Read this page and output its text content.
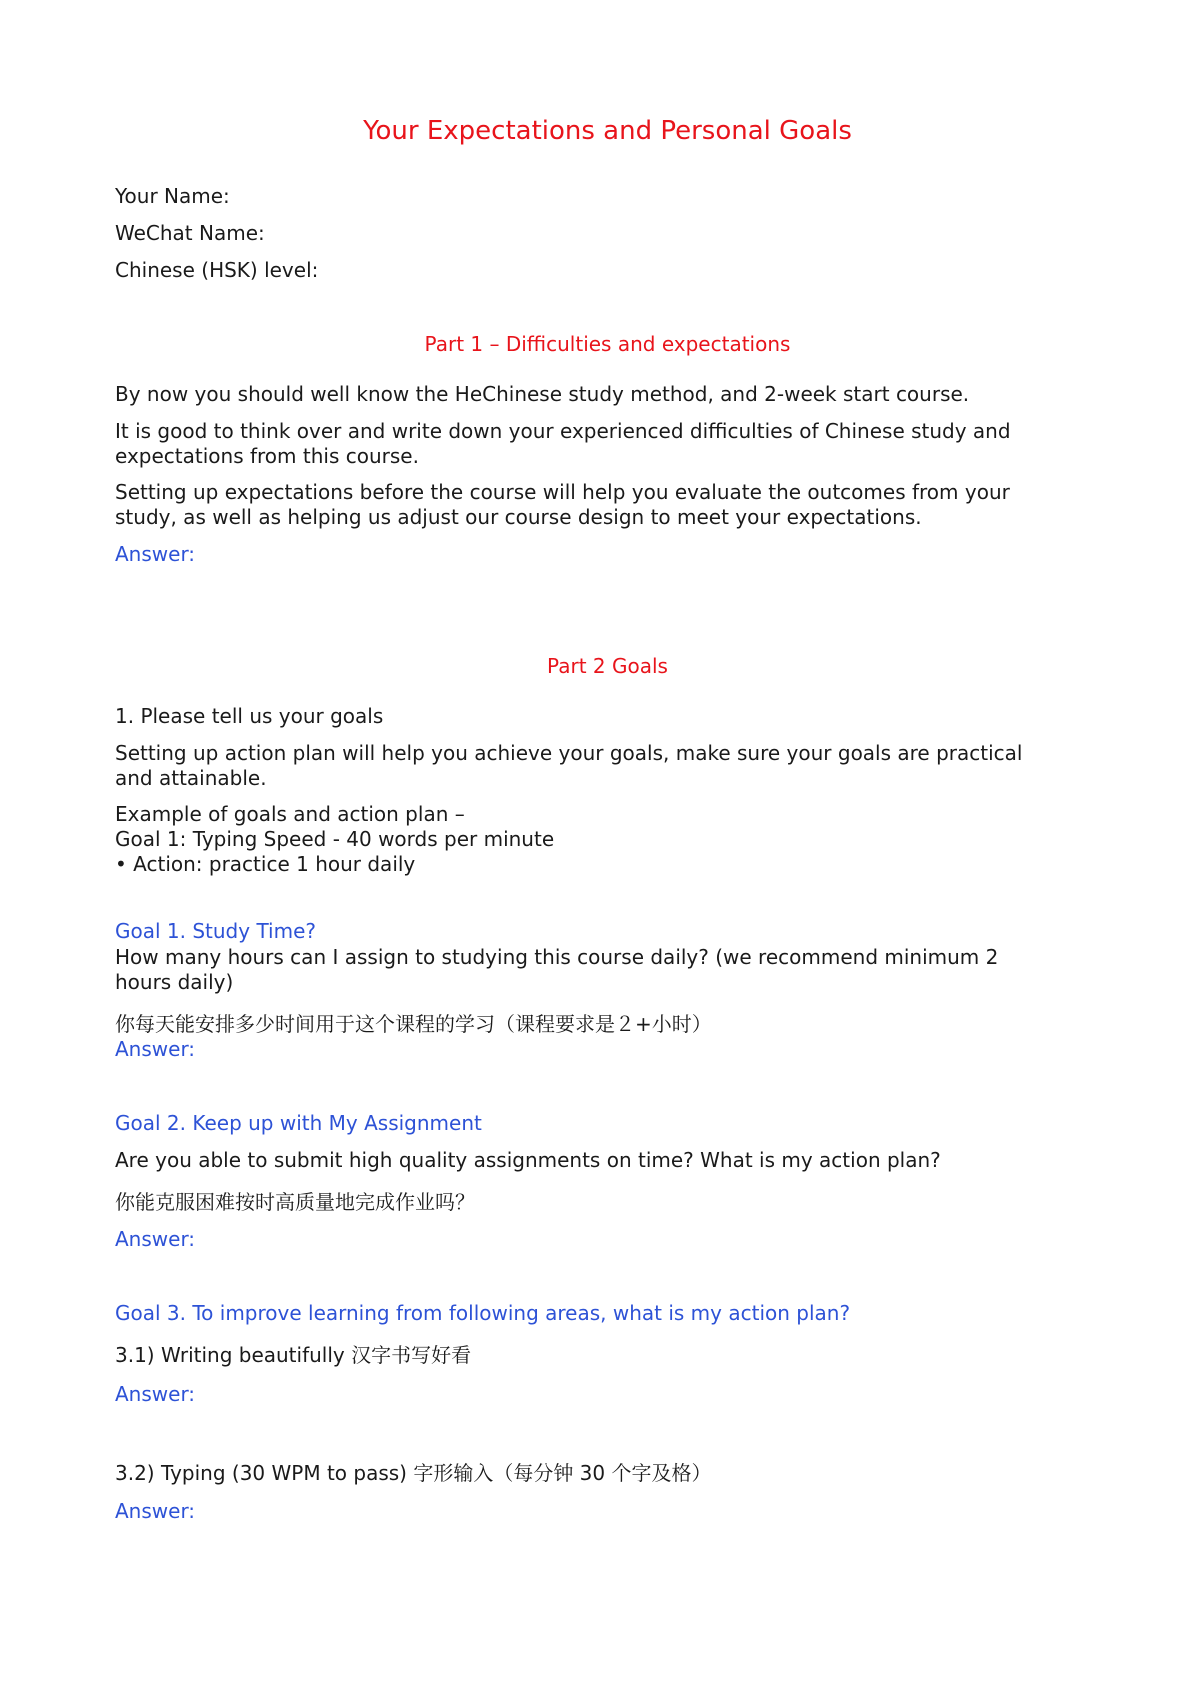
Your Expectations and Personal Goals
Your Name:
WeChat Name:
Chinese (HSK) level:
Part 1 – Difficulties and expectations
By now you should well know the HeChinese study method, and 2-week start course.
It is good to think over and write down your experienced difficulties of Chinese study and
expectations from this course.
Setting up expectations before the course will help you evaluate the outcomes from your
study, as well as helping us adjust our course design to meet your expectations.
Answer:
Part 2 Goals
1. Please tell us your goals
Setting up action plan will help you achieve your goals, make sure your goals are practical
and attainable.
Example of goals and action plan –
Goal 1: Typing Speed - 40 words per minute
• Action: practice 1 hour daily
Goal 1. Study Time?
How many hours can I assign to studying this course daily? (we recommend minimum 2
hours daily)
你每天能安排多少时间用于这个课程的学习（课程要求是２+小时）
Answer:
Goal 2. Keep up with My Assignment
Are you able to submit high quality assignments on time? What is my action plan?
你能克服困难按时高质量地完成作业吗？
Answer:
Goal 3. To improve learning from following areas, what is my action plan?
3.1) Writing beautifully 汉字书写好看
Answer:
3.2) Typing (30 WPM to pass) 字形输入（每分钟 30 个字及格）
Answer:
